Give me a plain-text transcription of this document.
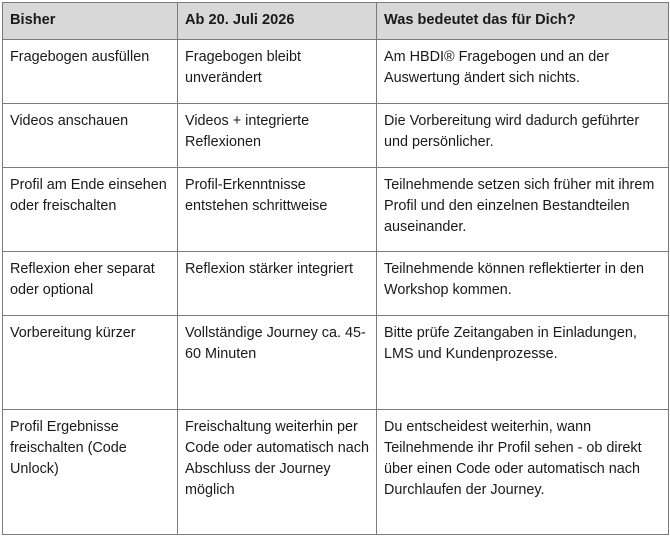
Bisher	Ab 20. Juli 2026	Was bedeutet das für Dich?
Fragebogen ausfüllen	Fragebogen bleibt unverändert	Am HBDI® Fragebogen und an der Auswertung ändert sich nichts.
Videos anschauen	Videos + integrierte Reflexionen	Die Vorbereitung wird dadurch geführter und persönlicher.
Profil am Ende einsehen oder freischalten	Profil-Erkenntnisse entstehen schrittweise	Teilnehmende setzen sich früher mit ihrem Profil und den einzelnen Bestandteilen auseinander.
Reflexion eher separat oder optional	Reflexion stärker integriert	Teilnehmende können reflektierter in den Workshop kommen.
Vorbereitung kürzer	Vollständige Journey ca. 45-60 Minuten	Bitte prüfe Zeitangaben in Einladungen, LMS und Kundenprozesse.
Profil Ergebnisse freischalten (Code Unlock)	Freischaltung weiterhin per Code oder automatisch nach Abschluss der Journey möglich	Du entscheidest weiterhin, wann Teilnehmende ihr Profil sehen - ob direkt über einen Code oder automatisch nach Durchlaufen der Journey.
